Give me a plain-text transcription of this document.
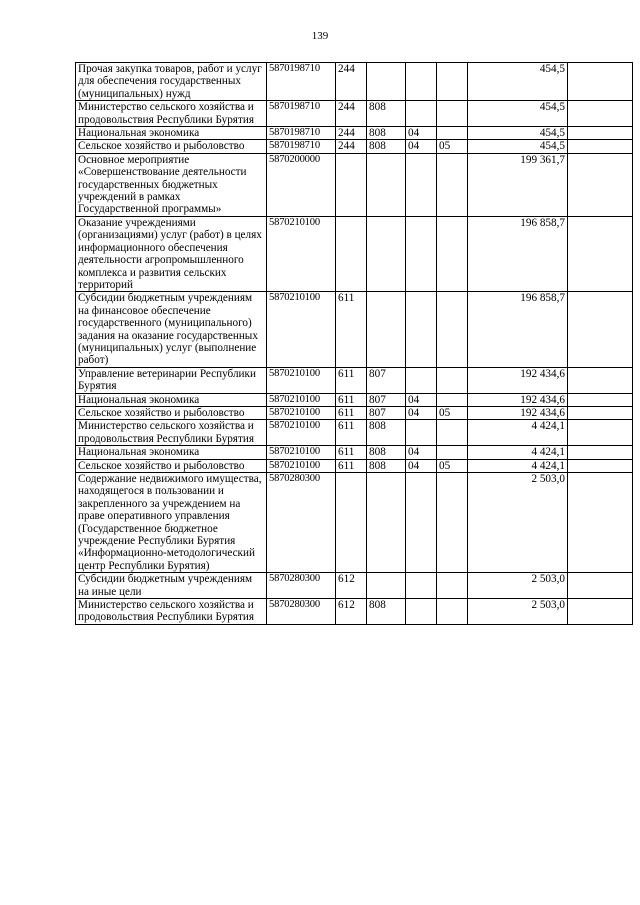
139
Прочая закупка товаров, работ и услуг для обеспечения государственных (муниципальных) нужд	5870198710	244				454,5	
Министерство сельского хозяйства и продовольствия Республики Бурятия	5870198710	244	808			454,5	
Национальная экономика	5870198710	244	808	04		454,5	
Сельское хозяйство и рыболовство	5870198710	244	808	04	05	454,5	
Основное мероприятие «Совершенствование деятельности государственных бюджетных учреждений в рамках Государственной программы»	5870200000					199 361,7	
Оказание учреждениями (организациями) услуг (работ) в целях информационного обеспечения деятельности агропромышленного комплекса и развития сельских территорий	5870210100					196 858,7	
Субсидии бюджетным учреждениям на финансовое обеспечение государственного (муниципального) задания на оказание государственных (муниципальных) услуг (выполнение работ)	5870210100	611				196 858,7	
Управление ветеринарии Республики Бурятия	5870210100	611	807			192 434,6	
Национальная экономика	5870210100	611	807	04		192 434,6	
Сельское хозяйство и рыболовство	5870210100	611	807	04	05	192 434,6	
Министерство сельского хозяйства и продовольствия Республики Бурятия	5870210100	611	808			4 424,1	
Национальная экономика	5870210100	611	808	04		4 424,1	
Сельское хозяйство и рыболовство	5870210100	611	808	04	05	4 424,1	
Содержание недвижимого имущества, находящегося в пользовании и закрепленного за учреждением на праве оперативного управления (Государственное бюджетное учреждение Республики Бурятия «Информационно-методологический центр Республики Бурятия)	5870280300					2 503,0	
Субсидии бюджетным учреждениям на иные цели	5870280300	612				2 503,0	
Министерство сельского хозяйства и продовольствия Республики Бурятия	5870280300	612	808			2 503,0	
